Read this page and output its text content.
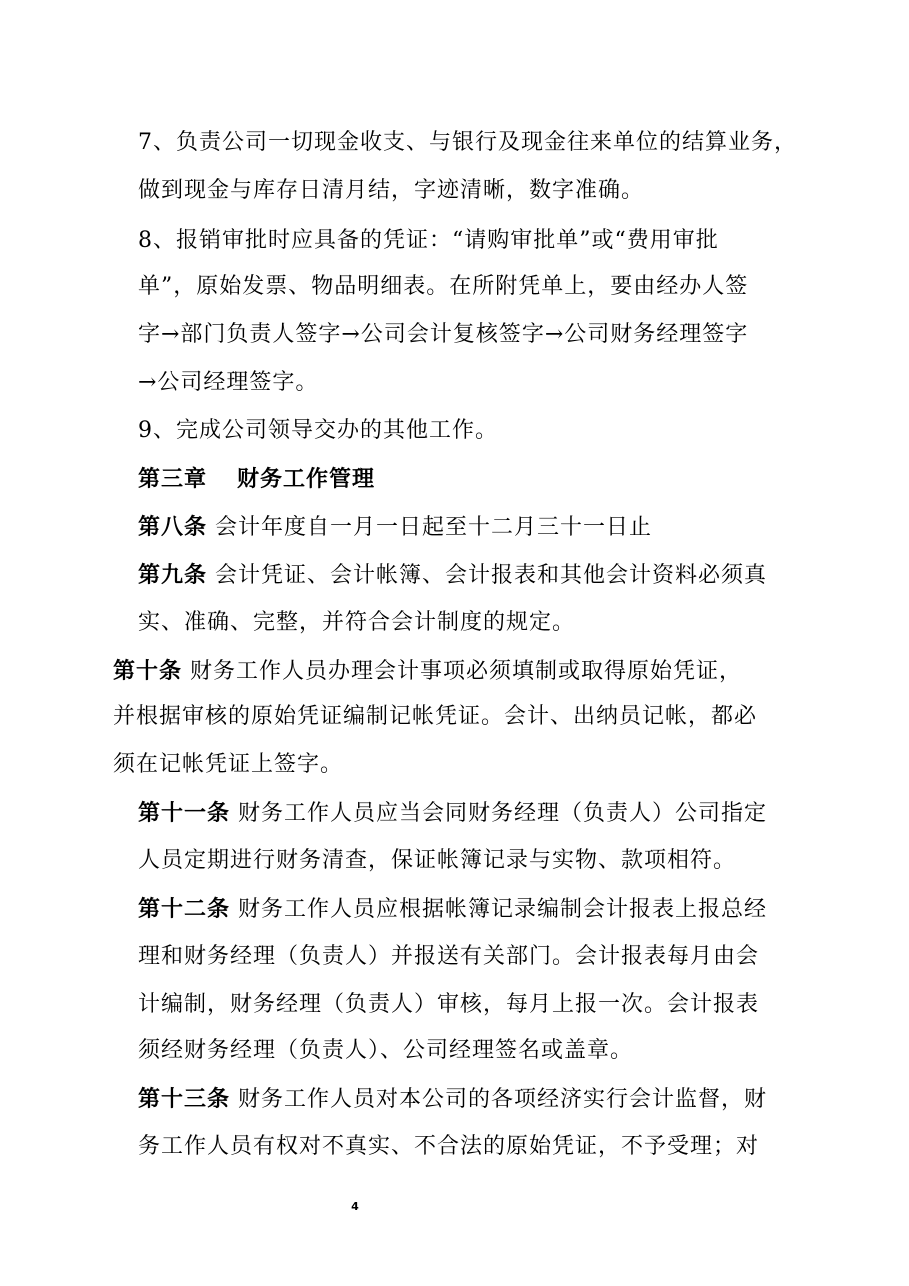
7、负责公司一切现金收支、与银行及现金往来单位的结算业务，

做到现金与库存日清月结，字迹清晰，数字准确。

8、报销审批时应具备的凭证：“请购审批单”或“费用审批

单”，原始发票、物品明细表。在所附凭单上，要由经办人签

字→部门负责人签字→公司会计复核签字→公司财务经理签字

→公司经理签字。

9、完成公司领导交办的其他工作。

第三章 财务工作管理

第八条 会计年度自一月一日起至十二月三十一日止

第九条 会计凭证、会计帐簿、会计报表和其他会计资料必须真

实、准确、完整，并符合会计制度的规定。

第十条 财务工作人员办理会计事项必须填制或取得原始凭证，

并根据审核的原始凭证编制记帐凭证。会计、出纳员记帐，都必

须在记帐凭证上签字。

第十一条 财务工作人员应当会同财务经理（负责人）公司指定

人员定期进行财务清查，保证帐簿记录与实物、款项相符。

第十二条 财务工作人员应根据帐簿记录编制会计报表上报总经

理和财务经理（负责人）并报送有关部门。会计报表每月由会

计编制，财务经理（负责人）审核，每月上报一次。会计报表

须经财务经理（负责人）、公司经理签名或盖章。

第十三条 财务工作人员对本公司的各项经济实行会计监督，财

务工作人员有权对不真实、不合法的原始凭证，不予受理；对

4
